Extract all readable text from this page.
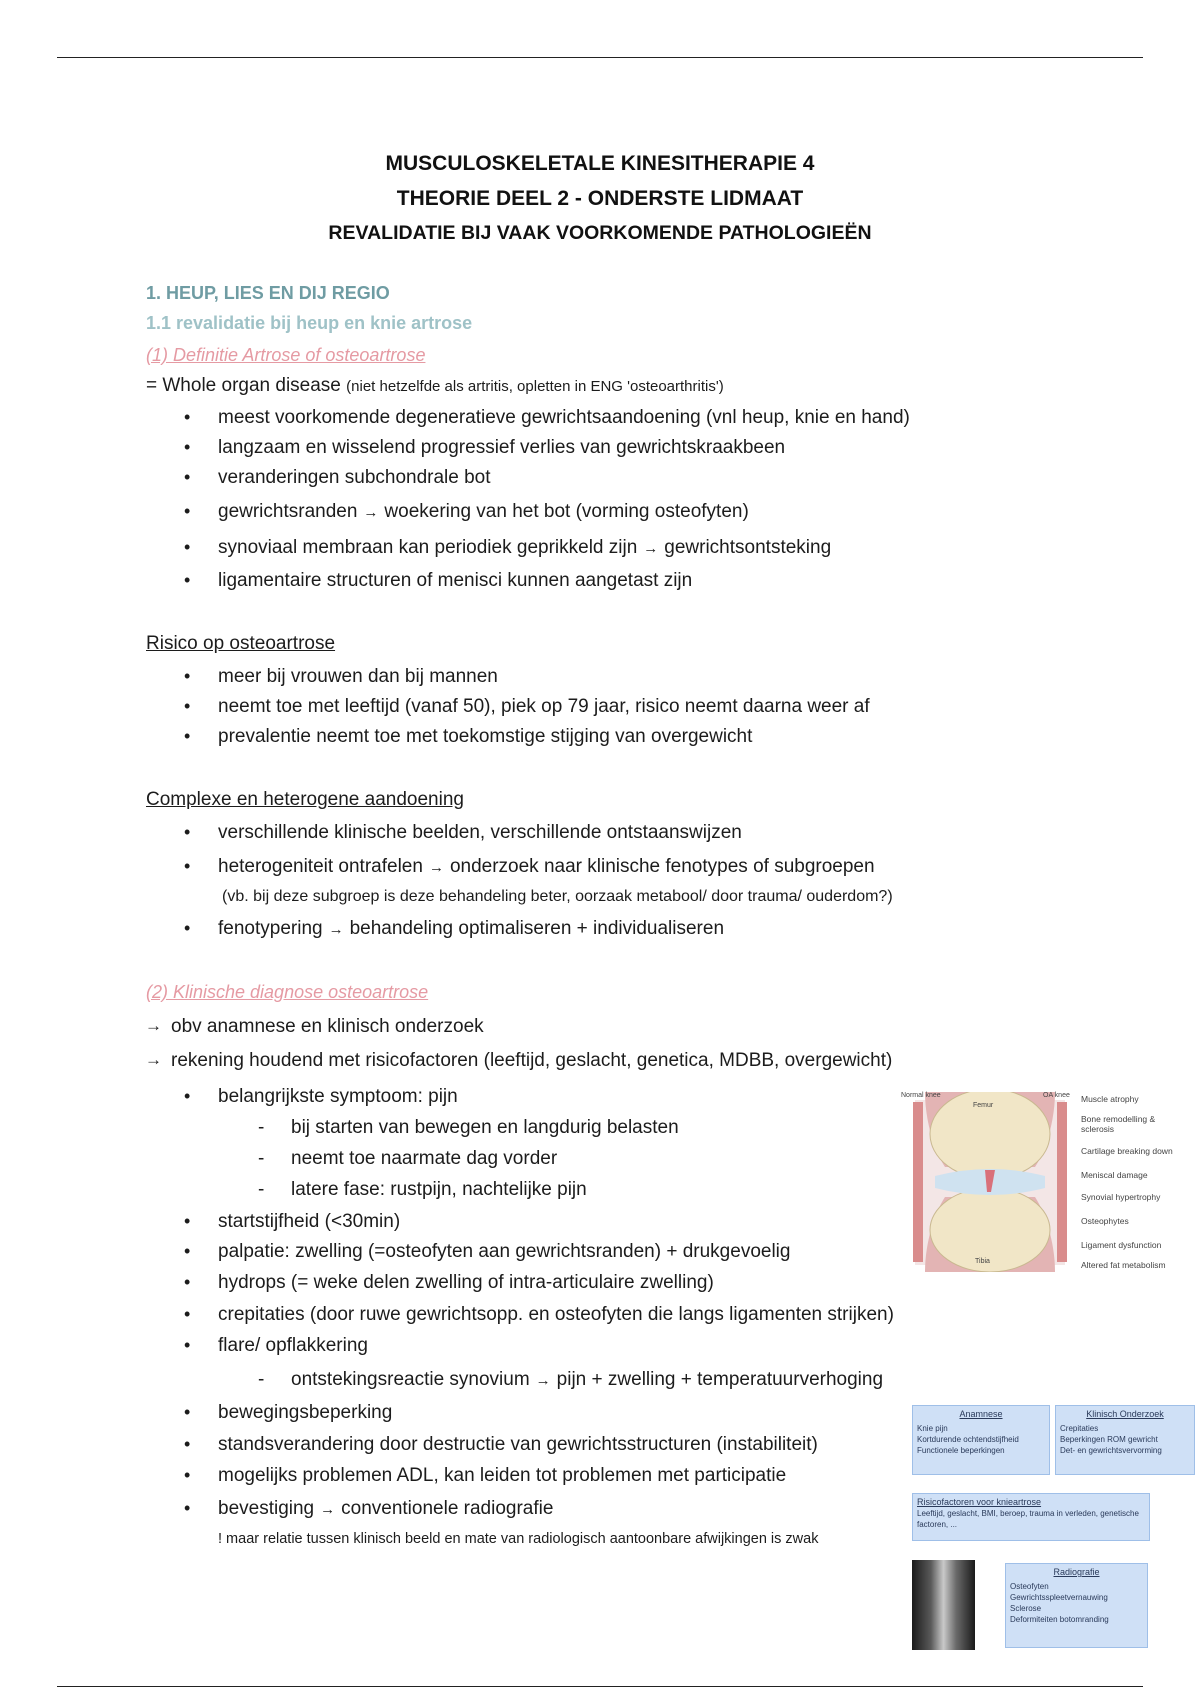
MUSCULOSKELETALE KINESITHERAPIE 4
THEORIE DEEL 2 - ONDERSTE LIDMAAT
REVALIDATIE BIJ VAAK VOORKOMENDE PATHOLOGIEËN
1. HEUP, LIES EN DIJ REGIO
1.1 revalidatie bij heup en knie artrose
(1) Definitie Artrose of osteoartrose
= Whole organ disease (niet hetzelfde als artritis, opletten in ENG 'osteoarthritis')
• meest voorkomende degeneratieve gewrichtsaandoening (vnl heup, knie en hand)
• langzaam en wisselend progressief verlies van gewrichtskraakbeen
• veranderingen subchondrale bot
• gewrichtsranden → woekering van het bot (vorming osteofyten)
• synoviaal membraan kan periodiek geprikkeld zijn → gewrichtsontsteking
• ligamentaire structuren of menisci kunnen aangetast zijn
Risico op osteoartrose
• meer bij vrouwen dan bij mannen
• neemt toe met leeftijd (vanaf 50), piek op 79 jaar, risico neemt daarna weer af
• prevalentie neemt toe met toekomstige stijging van overgewicht
Complexe en heterogene aandoening
• verschillende klinische beelden, verschillende ontstaanswijzen
• heterogeniteit ontrafelen → onderzoek naar klinische fenotypes of subgroepen
(vb. bij deze subgroep is deze behandeling beter, oorzaak metabool/ door trauma/ ouderdom?)
• fenotypering → behandeling optimaliseren + individualiseren
(2) Klinische diagnose osteoartrose
→ obv anamnese en klinisch onderzoek
→ rekening houdend met risicofactoren (leeftijd, geslacht, genetica, MDBB, overgewicht)
• belangrijkste symptoom: pijn
- bij starten van bewegen en langdurig belasten
- neemt toe naarmate dag vorder
- latere fase: rustpijn, nachtelijke pijn
• startstijfheid (<30min)
• palpatie: zwelling (=osteofyten aan gewrichtsranden) + drukgevoelig
• hydrops (= weke delen zwelling of intra-articulaire zwelling)
• crepitaties (door ruwe gewrichtsopp. en osteofyten die langs ligamenten strijken)
• flare/ opflakkering
- ontstekingsreactie synovium → pijn + zwelling + temperatuurverhoging
• bewegingsbeperking
• standsverandering door destructie van gewrichtsstructuren (instabiliteit)
• mogelijks problemen ADL, kan leiden tot problemen met participatie
• bevestiging → conventionele radiografie
! maar relatie tussen klinisch beeld en mate van radiologisch aantoonbare afwijkingen is zwak
Normal knee	OA knee
Femur
Tibia
Muscle atrophy
Bone remodelling & sclerosis
Cartilage breaking down
Meniscal damage
Synovial hypertrophy
Osteophytes
Ligament dysfunction
Altered fat metabolism
Anamnese
Knie pijn
Kortdurende ochtendstijfheid
Functionele beperkingen
Klinisch Onderzoek
Crepitaties
Beperkingen ROM gewricht
Det- en gewrichtsvervorming
Risicofactoren voor knieartrose
Leeftijd, geslacht, BMI, beroep, trauma in verleden, genetische factoren, ...
Radiografie
Osteofyten
Gewrichtsspleetvernauwing
Sclerose
Deformiteiten botomranding
